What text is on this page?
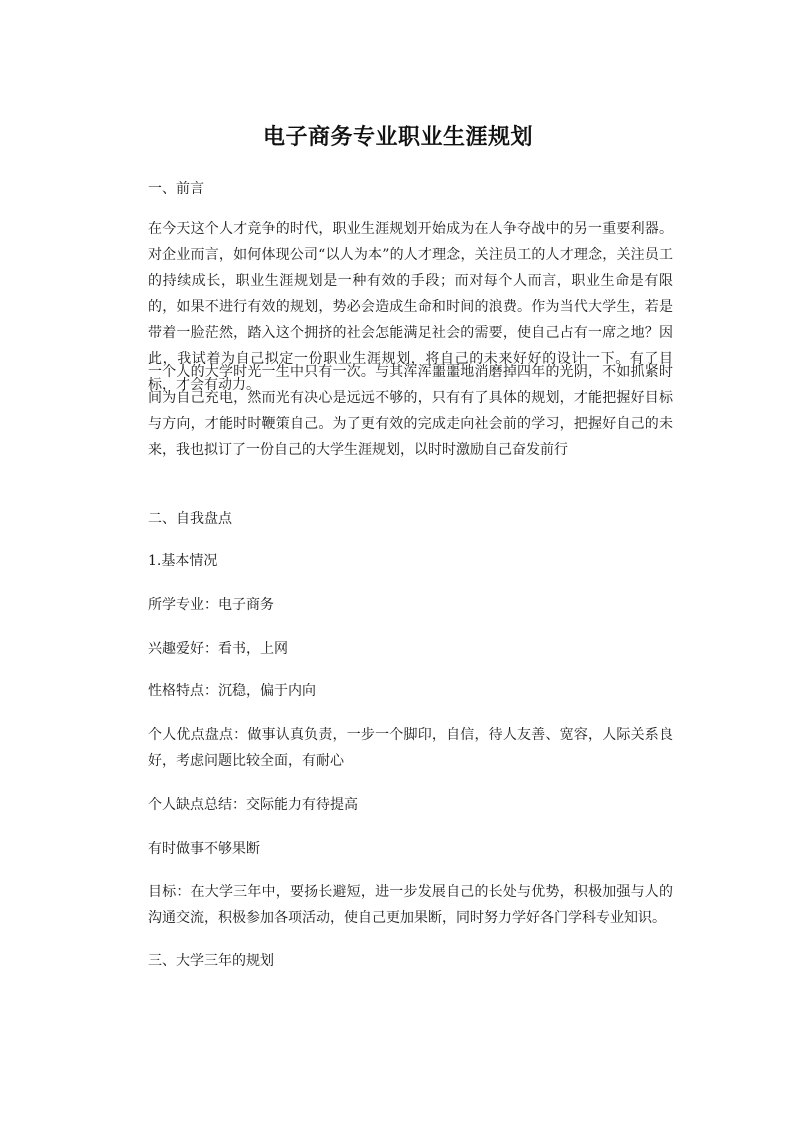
电子商务专业职业生涯规划
一、前言
在今天这个人才竞争的时代，职业生涯规划开始成为在人争夺战中的另一重要利器。对企业而言，如何体现公司“以人为本”的人才理念，关注员工的人才理念，关注员工的持续成长，职业生涯规划是一种有效的手段；而对每个人而言，职业生命是有限的，如果不进行有效的规划，势必会造成生命和时间的浪费。作为当代大学生，若是带着一脸茫然，踏入这个拥挤的社会怎能满足社会的需要，使自己占有一席之地？因此，我试着为自己拟定一份职业生涯规划，将自己的未来好好的设计一下。有了目标，才会有动力。
一个人的大学时光一生中只有一次。与其浑浑噩噩地消磨掉四年的光阴，不如抓紧时间为自己充电，然而光有决心是远远不够的，只有有了具体的规划，才能把握好目标与方向，才能时时鞭策自己。为了更有效的完成走向社会前的学习，把握好自己的未来，我也拟订了一份自己的大学生涯规划，以时时激励自己奋发前行
二、自我盘点
1.基本情况
所学专业：电子商务
兴趣爱好：看书，上网
性格特点：沉稳，偏于内向
个人优点盘点：做事认真负责，一步一个脚印，自信，待人友善、宽容，人际关系良好，考虑问题比较全面，有耐心
个人缺点总结：交际能力有待提高
有时做事不够果断
目标：在大学三年中，要扬长避短，进一步发展自己的长处与优势，积极加强与人的沟通交流，积极参加各项活动，使自己更加果断，同时努力学好各门学科专业知识。
三、大学三年的规划
